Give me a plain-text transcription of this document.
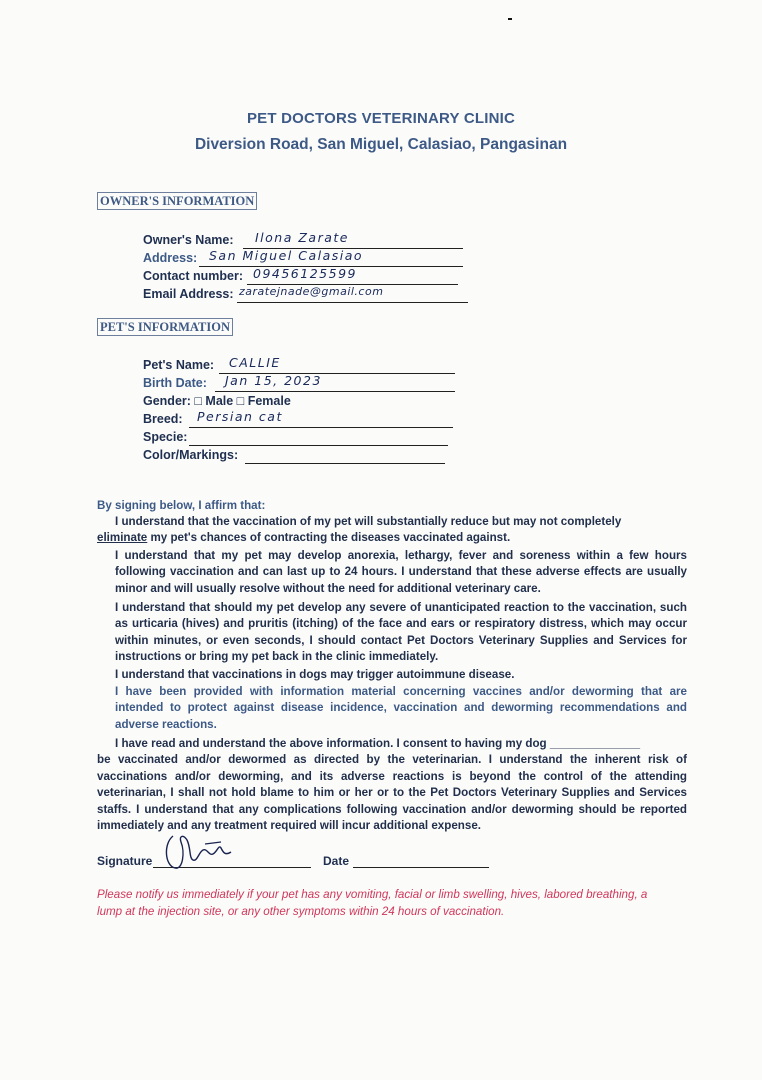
PET DOCTORS VETERINARY CLINIC
Diversion Road, San Miguel, Calasiao, Pangasinan
OWNER'S INFORMATION
Owner's Name: Ilona Zarate
Address: San Miguel Calasiao
Contact number: 09456125599
Email Address: zaratejnade@gmail.com
PET'S INFORMATION
Pet's Name: CALLIE
Birth Date: Jan 15, 2023
Gender: □ Male □ Female
Breed: Persian cat
Specie:
Color/Markings:
By signing below, I affirm that:
I understand that the vaccination of my pet will substantially reduce but may not completely
eliminate my pet's chances of contracting the diseases vaccinated against.
I understand that my pet may develop anorexia, lethargy, fever and soreness within a few hours following vaccination and can last up to 24 hours. I understand that these adverse effects are usually minor and will usually resolve without the need for additional veterinary care.
I understand that should my pet develop any severe of unanticipated reaction to the vaccination, such as urticaria (hives) and pruritis (itching) of the face and ears or respiratory distress, which may occur within minutes, or even seconds, I should contact Pet Doctors Veterinary Supplies and Services for instructions or bring my pet back in the clinic immediately.
I understand that vaccinations in dogs may trigger autoimmune disease.
I have been provided with information material concerning vaccines and/or deworming that are intended to protect against disease incidence, vaccination and deworming recommendations and adverse reactions.
I have read and understand the above information. I consent to having my dog ______________
be vaccinated and/or dewormed as directed by the veterinarian. I understand the inherent risk of vaccinations and/or deworming, and its adverse reactions is beyond the control of the attending veterinarian, I shall not hold blame to him or her or to the Pet Doctors Veterinary Supplies and Services staffs. I understand that any complications following vaccination and/or deworming should be reported immediately and any treatment required will incur additional expense.
Signature	Date
Please notify us immediately if your pet has any vomiting, facial or limb swelling, hives, labored breathing, a lump at the injection site, or any other symptoms within 24 hours of vaccination.
